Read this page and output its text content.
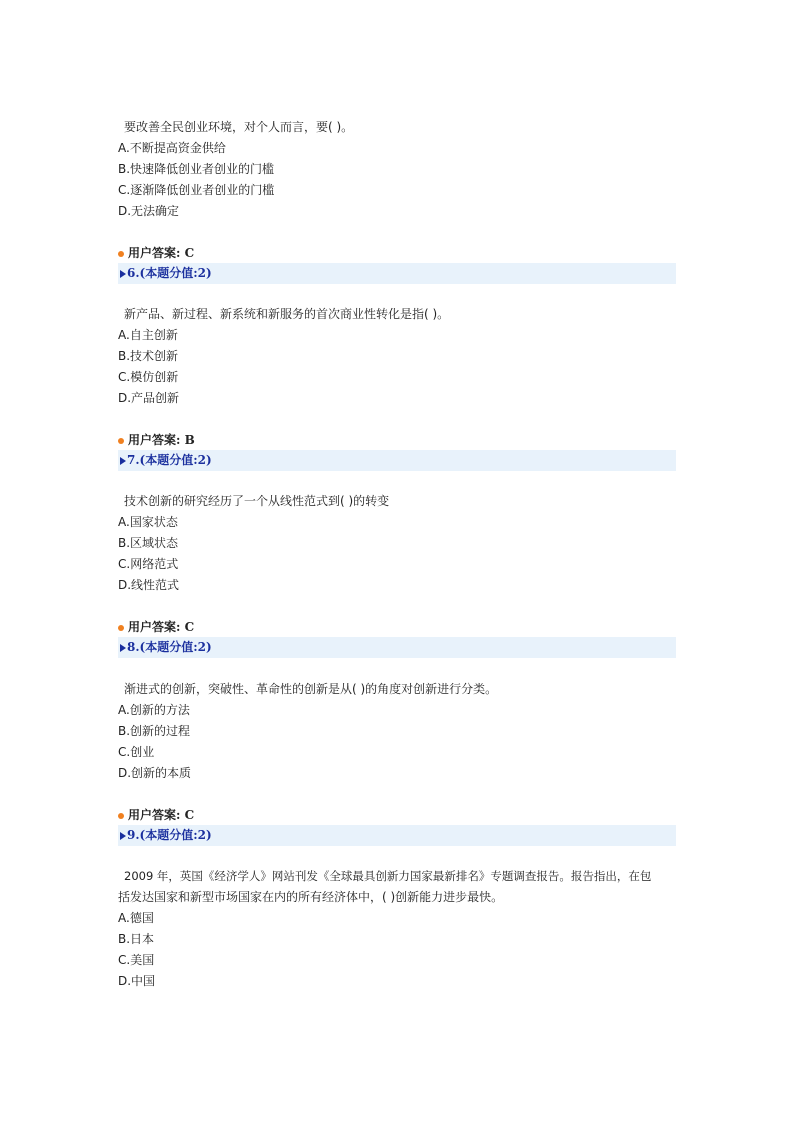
要改善全民创业环境，对个人而言，要( )。

A.不断提高资金供给

B.快速降低创业者创业的门槛

C.逐渐降低创业者创业的门槛

D.无法确定

用户答案: C
6.(本题分值:2)

新产品、新过程、新系统和新服务的首次商业性转化是指( )。

A.自主创新

B.技术创新

C.模仿创新

D.产品创新

用户答案: B
7.(本题分值:2)

技术创新的研究经历了一个从线性范式到( )的转变

A.国家状态

B.区域状态

C.网络范式

D.线性范式

用户答案: C
8.(本题分值:2)

渐进式的创新，突破性、革命性的创新是从( )的角度对创新进行分类。

A.创新的方法

B.创新的过程

C.创业

D.创新的本质

用户答案: C
9.(本题分值:2)

2009 年，英国《经济学人》网站刊发《全球最具创新力国家最新排名》专题调查报告。报告指出，在包

括发达国家和新型市场国家在内的所有经济体中，( )创新能力进步最快。

A.德国

B.日本

C.美国

D.中国
